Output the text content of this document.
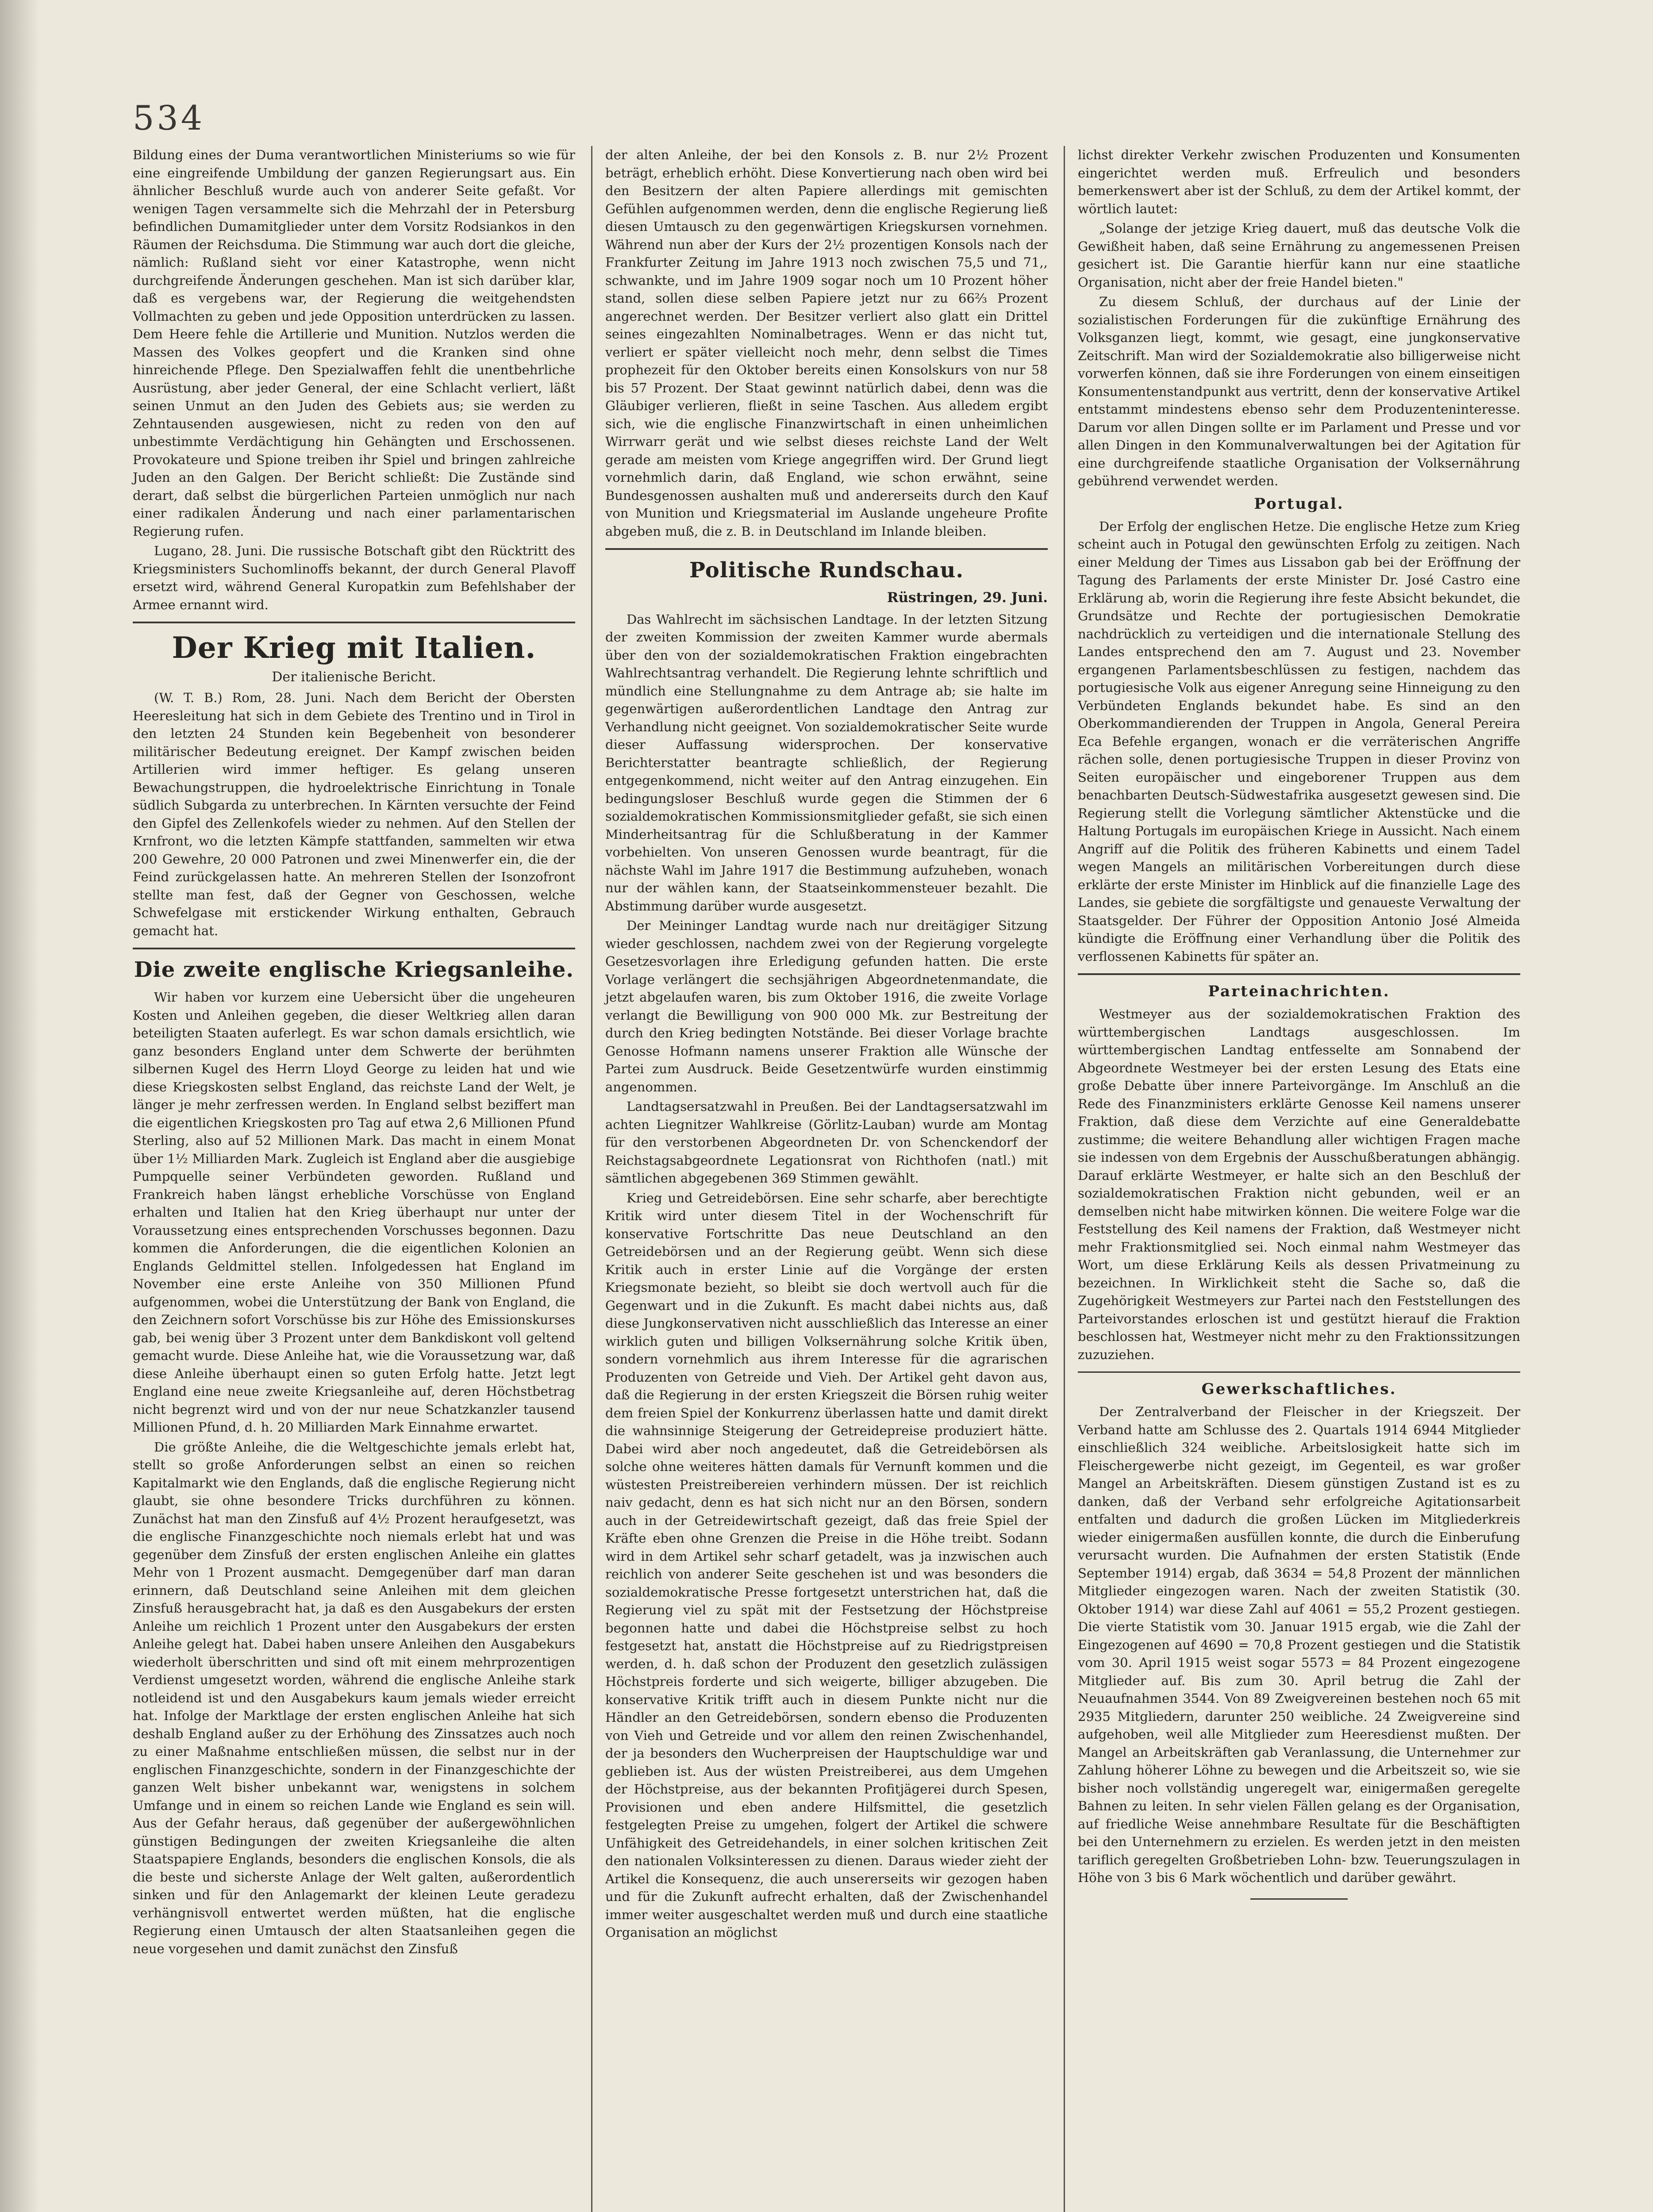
534

Bildung eines der Duma verantwortlichen Ministeriums so wie für eine eingreifende Umbildung der ganzen Regierungsart aus. Ein ähnlicher Beschluß wurde auch von anderer Seite gefaßt. Vor wenigen Tagen versammelte sich die Mehrzahl der in Petersburg befindlichen Dumamitglieder unter dem Vorsitz Rodsiankos in den Räumen der Reichsduma. Die Stimmung war auch dort die gleiche, nämlich: Rußland sieht vor einer Katastrophe, wenn nicht durchgreifende Änderungen geschehen. Man ist sich darüber klar, daß es vergebens war, der Regierung die weitgehendsten Vollmachten zu geben und jede Opposition unterdrücken zu lassen. Dem Heere fehle die Artillerie und Munition. Nutzlos werden die Massen des Volkes geopfert und die Kranken sind ohne hinreichende Pflege. Den Spezialwaffen fehlt die unentbehrliche Ausrüstung, aber jeder General, der eine Schlacht verliert, läßt seinen Unmut an den Juden des Gebiets aus; sie werden zu Zehntausenden ausgewiesen, nicht zu reden von den auf unbestimmte Verdächtigung hin Gehängten und Erschossenen. Provokateure und Spione treiben ihr Spiel und bringen zahlreiche Juden an den Galgen. Der Bericht schließt: Die Zustände sind derart, daß selbst die bürgerlichen Parteien unmöglich nur nach einer radikalen Änderung und nach einer parlamentarischen Regierung rufen.

Lugano, 28. Juni. Die russische Botschaft gibt den Rücktritt des Kriegsministers Suchomlinoffs bekannt, der durch General Plavoff ersetzt wird, während General Kuropatkin zum Befehlshaber der Armee ernannt wird.

Der Krieg mit Italien.
Der italienische Bericht.

(W. T. B.) Rom, 28. Juni. Nach dem Bericht der Obersten Heeresleitung hat sich in dem Gebiete des Trentino und in Tirol in den letzten 24 Stunden kein Begebenheit von besonderer militärischer Bedeutung ereignet. Der Kampf zwischen beiden Artillerien wird immer heftiger. Es gelang unseren Bewachungstruppen, die hydroelektrische Einrichtung in Tonale südlich Subgarda zu unterbrechen. In Kärnten versuchte der Feind den Gipfel des Zellenkofels wieder zu nehmen. Auf den Stellen der Krnfront, wo die letzten Kämpfe stattfanden, sammelten wir etwa 200 Gewehre, 20 000 Patronen und zwei Minenwerfer ein, die der Feind zurückgelassen hatte. An mehreren Stellen der Isonzofront stellte man fest, daß der Gegner von Geschossen, welche Schwefelgase mit erstickender Wirkung enthalten, Gebrauch gemacht hat.

Die zweite englische Kriegsanleihe.

Wir haben vor kurzem eine Uebersicht über die ungeheuren Kosten und Anleihen gegeben, die dieser Weltkrieg allen daran beteiligten Staaten auferlegt. Es war schon damals ersichtlich, wie ganz besonders England unter dem Schwerte der berühmten silbernen Kugel des Herrn Lloyd George zu leiden hat und wie diese Kriegskosten selbst England, das reichste Land der Welt, je länger je mehr zerfressen werden. In England selbst beziffert man die eigentlichen Kriegskosten pro Tag auf etwa 2,6 Millionen Pfund Sterling, also auf 52 Millionen Mark. Das macht in einem Monat über 1½ Milliarden Mark. Zugleich ist England aber die ausgiebige Pumpquelle seiner Verbündeten geworden. Rußland und Frankreich haben längst erhebliche Vorschüsse von England erhalten und Italien hat den Krieg überhaupt nur unter der Voraussetzung eines entsprechenden Vorschusses begonnen. Dazu kommen die Anforderungen, die die eigentlichen Kolonien an Englands Geldmittel stellen. Infolgedessen hat England im November eine erste Anleihe von 350 Millionen Pfund aufgenommen, wobei die Unterstützung der Bank von England, die den Zeichnern sofort Vorschüsse bis zur Höhe des Emissionskurses gab, bei wenig über 3 Prozent unter dem Bankdiskont voll geltend gemacht wurde. Diese Anleihe hat, wie die Voraussetzung war, daß diese Anleihe überhaupt einen so guten Erfolg hatte. Jetzt legt England eine neue zweite Kriegsanleihe auf, deren Höchstbetrag nicht begrenzt wird und von der nur neue Schatzkanzler tausend Millionen Pfund, d. h. 20 Milliarden Mark Einnahme erwartet.

Die größte Anleihe, die die Weltgeschichte jemals erlebt hat, stellt so große Anforderungen selbst an einen so reichen Kapitalmarkt wie den Englands, daß die englische Regierung nicht glaubt, sie ohne besondere Tricks durchführen zu können. Zunächst hat man den Zinsfuß auf 4½ Prozent heraufgesetzt, was die englische Finanzgeschichte noch niemals erlebt hat und was gegenüber dem Zinsfuß der ersten englischen Anleihe ein glattes Mehr von 1 Prozent ausmacht. Demgegenüber darf man daran erinnern, daß Deutschland seine Anleihen mit dem gleichen Zinsfuß herausgebracht hat, ja daß es den Ausgabekurs der ersten Anleihe um reichlich 1 Prozent unter den Ausgabekurs der ersten Anleihe gelegt hat. Dabei haben unsere Anleihen den Ausgabekurs wiederholt überschritten und sind oft mit einem mehrprozentigen Verdienst umgesetzt worden, während die englische Anleihe stark notleidend ist und den Ausgabekurs kaum jemals wieder erreicht hat. Infolge der Marktlage der ersten englischen Anleihe hat sich deshalb England außer zu der Erhöhung des Zinssatzes auch noch zu einer Maßnahme entschließen müssen, die selbst nur in der englischen Finanzgeschichte, sondern in der Finanzgeschichte der ganzen Welt bisher unbekannt war, wenigstens in solchem Umfange und in einem so reichen Lande wie England es sein will. Aus der Gefahr heraus, daß gegenüber der außergewöhnlichen günstigen Bedingungen der zweiten Kriegsanleihe die alten Staatspapiere Englands, besonders die englischen Konsols, die als die beste und sicherste Anlage der Welt galten, außerordentlich sinken und für den Anlagemarkt der kleinen Leute geradezu verhängnisvoll entwertet werden müßten, hat die englische Regierung einen Umtausch der alten Staatsanleihen gegen die neue vorgesehen und damit zunächst den Zinsfuß

der alten Anleihe, der bei den Konsols z. B. nur 2½ Prozent beträgt, erheblich erhöht. Diese Konvertierung nach oben wird bei den Besitzern der alten Papiere allerdings mit gemischten Gefühlen aufgenommen werden, denn die englische Regierung ließ diesen Umtausch zu den gegenwärtigen Kriegskursen vornehmen. Während nun aber der Kurs der 2½ prozentigen Konsols nach der Frankfurter Zeitung im Jahre 1913 noch zwischen 75,5 und 71,, schwankte, und im Jahre 1909 sogar noch um 10 Prozent höher stand, sollen diese selben Papiere jetzt nur zu 66⅔ Prozent angerechnet werden. Der Besitzer verliert also glatt ein Drittel seines eingezahlten Nominalbetrages. Wenn er das nicht tut, verliert er später vielleicht noch mehr, denn selbst die Times prophezeit für den Oktober bereits einen Konsolskurs von nur 58 bis 57 Prozent. Der Staat gewinnt natürlich dabei, denn was die Gläubiger verlieren, fließt in seine Taschen. Aus alledem ergibt sich, wie die englische Finanzwirtschaft in einen unheimlichen Wirrwarr gerät und wie selbst dieses reichste Land der Welt gerade am meisten vom Kriege angegriffen wird. Der Grund liegt vornehmlich darin, daß England, wie schon erwähnt, seine Bundesgenossen aushalten muß und andererseits durch den Kauf von Munition und Kriegsmaterial im Auslande ungeheure Profite abgeben muß, die z. B. in Deutschland im Inlande bleiben.

Politische Rundschau.
Rüstringen, 29. Juni.

Das Wahlrecht im sächsischen Landtage. In der letzten Sitzung der zweiten Kommission der zweiten Kammer wurde abermals über den von der sozialdemokratischen Fraktion eingebrachten Wahlrechtsantrag verhandelt. Die Regierung lehnte schriftlich und mündlich eine Stellungnahme zu dem Antrage ab; sie halte im gegenwärtigen außerordentlichen Landtage den Antrag zur Verhandlung nicht geeignet. Von sozialdemokratischer Seite wurde dieser Auffassung widersprochen. Der konservative Berichterstatter beantragte schließlich, der Regierung entgegenkommend, nicht weiter auf den Antrag einzugehen. Ein bedingungsloser Beschluß wurde gegen die Stimmen der 6 sozialdemokratischen Kommissionsmitglieder gefaßt, sie sich einen Minderheitsantrag für die Schlußberatung in der Kammer vorbehielten. Von unseren Genossen wurde beantragt, für die nächste Wahl im Jahre 1917 die Bestimmung aufzuheben, wonach nur der wählen kann, der Staatseinkommensteuer bezahlt. Die Abstimmung darüber wurde ausgesetzt.

Der Meininger Landtag wurde nach nur dreitägiger Sitzung wieder geschlossen, nachdem zwei von der Regierung vorgelegte Gesetzesvorlagen ihre Erledigung gefunden hatten. Die erste Vorlage verlängert die sechsjährigen Abgeordnetenmandate, die jetzt abgelaufen waren, bis zum Oktober 1916, die zweite Vorlage verlangt die Bewilligung von 900 000 Mk. zur Bestreitung der durch den Krieg bedingten Notstände. Bei dieser Vorlage brachte Genosse Hofmann namens unserer Fraktion alle Wünsche der Partei zum Ausdruck. Beide Gesetzentwürfe wurden einstimmig angenommen.

Landtagsersatzwahl in Preußen. Bei der Landtagsersatzwahl im achten Liegnitzer Wahlkreise (Görlitz-Lauban) wurde am Montag für den verstorbenen Abgeordneten Dr. von Schenckendorf der Reichstagsabgeordnete Legationsrat von Richthofen (natl.) mit sämtlichen abgegebenen 369 Stimmen gewählt.

Krieg und Getreidebörsen. Eine sehr scharfe, aber berechtigte Kritik wird unter diesem Titel in der Wochenschrift für konservative Fortschritte Das neue Deutschland an den Getreidebörsen und an der Regierung geübt. Wenn sich diese Kritik auch in erster Linie auf die Vorgänge der ersten Kriegsmonate bezieht, so bleibt sie doch wertvoll auch für die Gegenwart und in die Zukunft. Es macht dabei nichts aus, daß diese Jungkonservativen nicht ausschließlich das Interesse an einer wirklich guten und billigen Volksernährung solche Kritik üben, sondern vornehmlich aus ihrem Interesse für die agrarischen Produzenten von Getreide und Vieh. Der Artikel geht davon aus, daß die Regierung in der ersten Kriegszeit die Börsen ruhig weiter dem freien Spiel der Konkurrenz überlassen hatte und damit direkt die wahnsinnige Steigerung der Getreidepreise produziert hätte. Dabei wird aber noch angedeutet, daß die Getreidebörsen als solche ohne weiteres hätten damals für Vernunft kommen und die wüstesten Preistreibereien verhindern müssen. Der ist reichlich naiv gedacht, denn es hat sich nicht nur an den Börsen, sondern auch in der Getreidewirtschaft gezeigt, daß das freie Spiel der Kräfte eben ohne Grenzen die Preise in die Höhe treibt. Sodann wird in dem Artikel sehr scharf getadelt, was ja inzwischen auch reichlich von anderer Seite geschehen ist und was besonders die sozialdemokratische Presse fortgesetzt unterstrichen hat, daß die Regierung viel zu spät mit der Festsetzung der Höchstpreise begonnen hatte und dabei die Höchstpreise selbst zu hoch festgesetzt hat, anstatt die Höchstpreise auf zu Riedrigstpreisen werden, d. h. daß schon der Produzent den gesetzlich zulässigen Höchstpreis forderte und sich weigerte, billiger abzugeben. Die konservative Kritik trifft auch in diesem Punkte nicht nur die Händler an den Getreidebörsen, sondern ebenso die Produzenten von Vieh und Getreide und vor allem den reinen Zwischenhandel, der ja besonders den Wucherpreisen der Hauptschuldige war und geblieben ist. Aus der wüsten Preistreiberei, aus dem Umgehen der Höchstpreise, aus der bekannten Profitjägerei durch Spesen, Provisionen und eben andere Hilfsmittel, die gesetzlich festgelegten Preise zu umgehen, folgert der Artikel die schwere Unfähigkeit des Getreidehandels, in einer solchen kritischen Zeit den nationalen Volksinteressen zu dienen. Daraus wieder zieht der Artikel die Konsequenz, die auch unsererseits wir gezogen haben und für die Zukunft aufrecht erhalten, daß der Zwischenhandel immer weiter ausgeschaltet werden muß und durch eine staatliche Organisation an möglichst

lichst direkter Verkehr zwischen Produzenten und Konsumenten eingerichtet werden muß. Erfreulich und besonders bemerkenswert aber ist der Schluß, zu dem der Artikel kommt, der wörtlich lautet:

„Solange der jetzige Krieg dauert, muß das deutsche Volk die Gewißheit haben, daß seine Ernährung zu angemessenen Preisen gesichert ist. Die Garantie hierfür kann nur eine staatliche Organisation, nicht aber der freie Handel bieten."

Zu diesem Schluß, der durchaus auf der Linie der sozialistischen Forderungen für die zukünftige Ernährung des Volksganzen liegt, kommt, wie gesagt, eine jungkonservative Zeitschrift. Man wird der Sozialdemokratie also billigerweise nicht vorwerfen können, daß sie ihre Forderungen von einem einseitigen Konsumentenstandpunkt aus vertritt, denn der konservative Artikel entstammt mindestens ebenso sehr dem Produzenteninteresse. Darum vor allen Dingen sollte er im Parlament und Presse und vor allen Dingen in den Kommunalverwaltungen bei der Agitation für eine durchgreifende staatliche Organisation der Volksernährung gebührend verwendet werden.

Portugal.

Der Erfolg der englischen Hetze. Die englische Hetze zum Krieg scheint auch in Potugal den gewünschten Erfolg zu zeitigen. Nach einer Meldung der Times aus Lissabon gab bei der Eröffnung der Tagung des Parlaments der erste Minister Dr. José Castro eine Erklärung ab, worin die Regierung ihre feste Absicht bekundet, die Grundsätze und Rechte der portugiesischen Demokratie nachdrücklich zu verteidigen und die internationale Stellung des Landes entsprechend den am 7. August und 23. November ergangenen Parlamentsbeschlüssen zu festigen, nachdem das portugiesische Volk aus eigener Anregung seine Hinneigung zu den Verbündeten Englands bekundet habe. Es sind an den Oberkommandierenden der Truppen in Angola, General Pereira Eca Befehle ergangen, wonach er die verräterischen Angriffe rächen solle, denen portugiesische Truppen in dieser Provinz von Seiten europäischer und eingeborener Truppen aus dem benachbarten Deutsch-Südwestafrika ausgesetzt gewesen sind. Die Regierung stellt die Vorlegung sämtlicher Aktenstücke und die Haltung Portugals im europäischen Kriege in Aussicht. Nach einem Angriff auf die Politik des früheren Kabinetts und einem Tadel wegen Mangels an militärischen Vorbereitungen durch diese erklärte der erste Minister im Hinblick auf die finanzielle Lage des Landes, sie gebiete die sorgfältigste und genaueste Verwaltung der Staatsgelder. Der Führer der Opposition Antonio José Almeida kündigte die Eröffnung einer Verhandlung über die Politik des verflossenen Kabinetts für später an.

Parteinachrichten.

Westmeyer aus der sozialdemokratischen Fraktion des württembergischen Landtags ausgeschlossen. Im württembergischen Landtag entfesselte am Sonnabend der Abgeordnete Westmeyer bei der ersten Lesung des Etats eine große Debatte über innere Parteivorgänge. Im Anschluß an die Rede des Finanzministers erklärte Genosse Keil namens unserer Fraktion, daß diese dem Verzichte auf eine Generaldebatte zustimme; die weitere Behandlung aller wichtigen Fragen mache sie indessen von dem Ergebnis der Ausschußberatungen abhängig. Darauf erklärte Westmeyer, er halte sich an den Beschluß der sozialdemokratischen Fraktion nicht gebunden, weil er an demselben nicht habe mitwirken können. Die weitere Folge war die Feststellung des Keil namens der Fraktion, daß Westmeyer nicht mehr Fraktionsmitglied sei. Noch einmal nahm Westmeyer das Wort, um diese Erklärung Keils als dessen Privatmeinung zu bezeichnen. In Wirklichkeit steht die Sache so, daß die Zugehörigkeit Westmeyers zur Partei nach den Feststellungen des Parteivorstandes erloschen ist und gestützt hierauf die Fraktion beschlossen hat, Westmeyer nicht mehr zu den Fraktionssitzungen zuzuziehen.

Gewerkschaftliches.

Der Zentralverband der Fleischer in der Kriegszeit. Der Verband hatte am Schlusse des 2. Quartals 1914 6944 Mitglieder einschließlich 324 weibliche. Arbeitslosigkeit hatte sich im Fleischergewerbe nicht gezeigt, im Gegenteil, es war großer Mangel an Arbeitskräften. Diesem günstigen Zustand ist es zu danken, daß der Verband sehr erfolgreiche Agitationsarbeit entfalten und dadurch die großen Lücken im Mitgliederkreis wieder einigermaßen ausfüllen konnte, die durch die Einberufung verursacht wurden. Die Aufnahmen der ersten Statistik (Ende September 1914) ergab, daß 3634 = 54,8 Prozent der männlichen Mitglieder eingezogen waren. Nach der zweiten Statistik (30. Oktober 1914) war diese Zahl auf 4061 = 55,2 Prozent gestiegen. Die vierte Statistik vom 30. Januar 1915 ergab, wie die Zahl der Eingezogenen auf 4690 = 70,8 Prozent gestiegen und die Statistik vom 30. April 1915 weist sogar 5573 = 84 Prozent eingezogene Mitglieder auf. Bis zum 30. April betrug die Zahl der Neuaufnahmen 3544. Von 89 Zweigvereinen bestehen noch 65 mit 2935 Mitgliedern, darunter 250 weibliche. 24 Zweigvereine sind aufgehoben, weil alle Mitglieder zum Heeresdienst mußten. Der Mangel an Arbeitskräften gab Veranlassung, die Unternehmer zur Zahlung höherer Löhne zu bewegen und die Arbeitszeit so, wie sie bisher noch vollständig ungeregelt war, einigermaßen geregelte Bahnen zu leiten. In sehr vielen Fällen gelang es der Organisation, auf friedliche Weise annehmbare Resultate für die Beschäftigten bei den Unternehmern zu erzielen. Es werden jetzt in den meisten tariflich geregelten Großbetrieben Lohn- bzw. Teuerungszulagen in Höhe von 3 bis 6 Mark wöchentlich und darüber gewährt.
